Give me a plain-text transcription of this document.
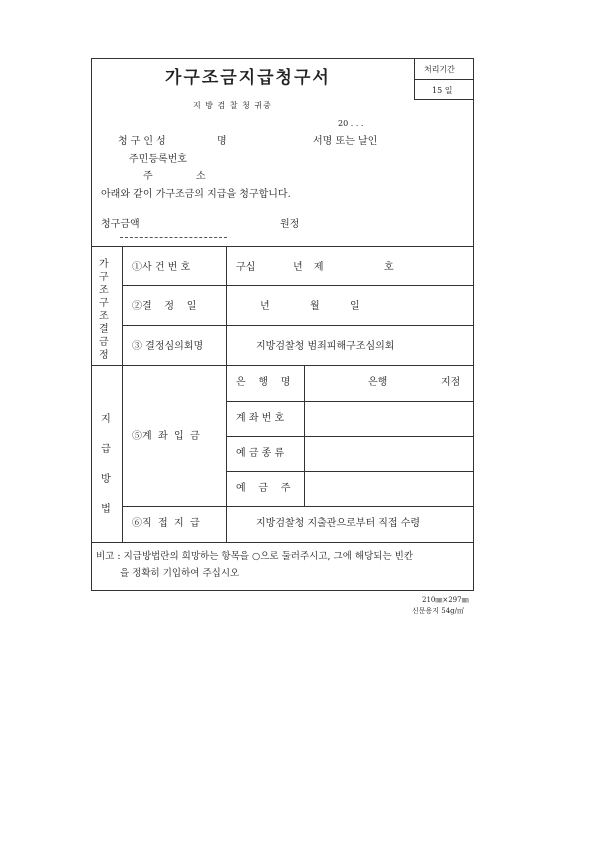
처리기간
15 일
가구조금지급청구서
지 방 검 찰 청 귀중
20 . . .
청구인성	명	서명 또는 날인
주민등록번호
주	소
아래와 같이 가구조금의 지급을 청구합니다.
청구금액	원정
가구조구조결금정
①사 건 번 호	구십	년 제	호
②결    정    일	년	월	일
③ 결정심의회명	지방검찰청 범죄피해구조심의회
지급방법
⑤계  좌  입  금
은    행    명	은행	지점
계 좌 번 호
예 금 종 류
예    금    주
⑥직  접  지  급	지방검찰청 지출관으로부터 직접 수령
비고 : 지급방법란의 희망하는 항목을 ○으로 둘러주시고, 그에 해당되는 빈칸
을 정확히 기입하여 주십시오
210㎜×297㎜
신문용지 54g/㎡
